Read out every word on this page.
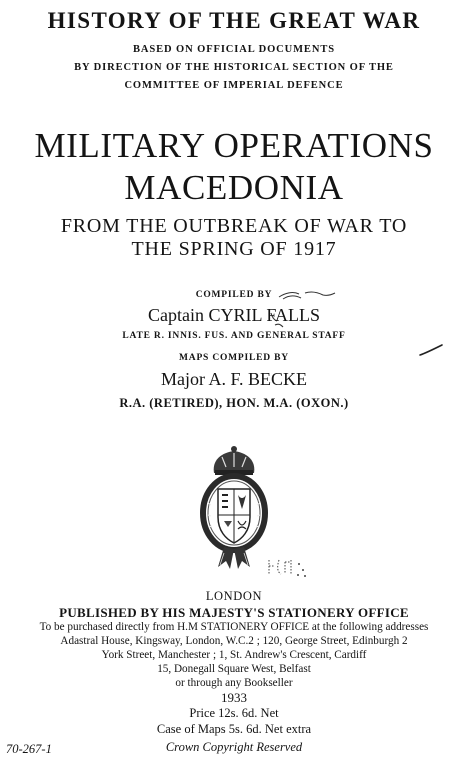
HISTORY OF THE GREAT WAR
BASED ON OFFICIAL DOCUMENTS
BY DIRECTION OF THE HISTORICAL SECTION OF THE
COMMITTEE OF IMPERIAL DEFENCE
MILITARY OPERATIONS
MACEDONIA
FROM THE OUTBREAK OF WAR TO
THE SPRING OF 1917
COMPILED BY
Captain CYRIL FALLS
LATE R. INNIS. FUS. AND GENERAL STAFF
MAPS COMPILED BY
Major A. F. BECKE
R.A. (RETIRED), HON. M.A. (OXON.)
LONDON
PUBLISHED BY HIS MAJESTY'S STATIONERY OFFICE
To be purchased directly from H.M STATIONERY OFFICE at the following addresses
Adastral House, Kingsway, London, W.C.2 ; 120, George Street, Edinburgh 2
York Street, Manchester ; 1, St. Andrew's Crescent, Cardiff
15, Donegall Square West, Belfast
or through any Bookseller
1933
Price 12s. 6d. Net
Case of Maps 5s. 6d. Net extra
Crown Copyright Reserved
70-267-1
